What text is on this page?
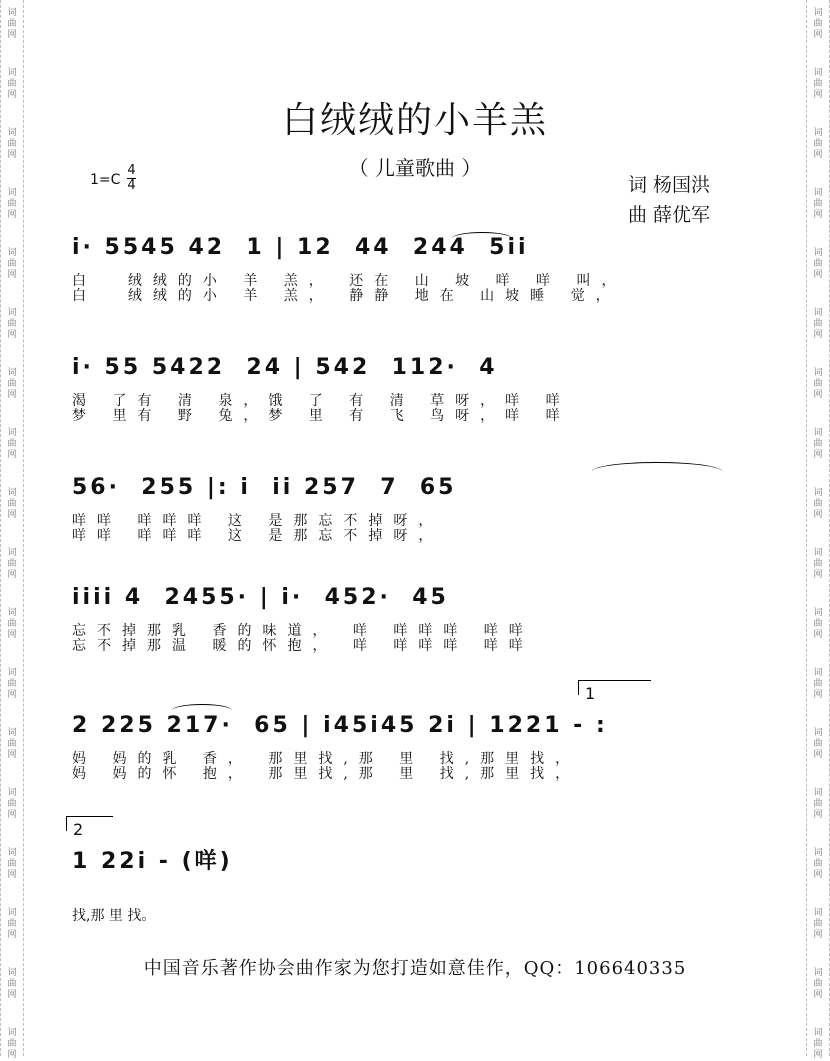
词
曲
网
词
曲
网
词
曲
网
词
曲
网
词
曲
网
词
曲
网
词
曲
网
词
曲
网
词
曲
网
词
曲
网
词
曲
网
词
曲
网
词
曲
网
词
曲
网
词
曲
网
词
曲
网
词
曲
网
词
曲
网
词
曲
网
词
曲
网
词
曲
网
词
曲
网
词
曲
网
词
曲
网
词
曲
网
词
曲
网
词
曲
网
词
曲
网
词
曲
网
词
曲
网
词
曲
网
词
曲
网
词
曲
网
词
曲
网
词
曲
网
词
曲
网
白绒绒的小羊羔
（ 儿童歌曲 ）
1=C
4
4	词 杨国洪
曲 薛优军
i· 5545 42  1 | 12  44  244  5ii
白  绒绒的小 羊 羔， 还在 山 坡 咩 咩 叫，
白  绒绒的小 羊 羔， 静静 地在 山坡睡 觉，
i· 55 5422  24 | 542  112·  4
渴 了有 清 泉，饿 了 有 清 草呀，咩 咩
梦 里有 野 兔，梦 里 有 飞 鸟呀，咩 咩
56·  255 |: i  ii 257  7  65
咩咩 咩咩咩 这 是那忘不掉呀，
咩咩 咩咩咩 这 是那忘不掉呀，
iiii 4  2455· | i·  452·  45
忘不掉那乳 香的味道， 咩 咩咩咩 咩咩
忘不掉那温 暖的怀抱， 咩 咩咩咩 咩咩
1
2 225 217·  65 | i45i45 2i | 1221 - :
妈 妈的乳 香， 那里找,那 里 找,那里找，
妈 妈的怀 抱， 那里找,那 里 找,那里找，
2
1 22i - (咩)
找,那 里 找。
中国音乐著作协会曲作家为您打造如意佳作，QQ：106640335
